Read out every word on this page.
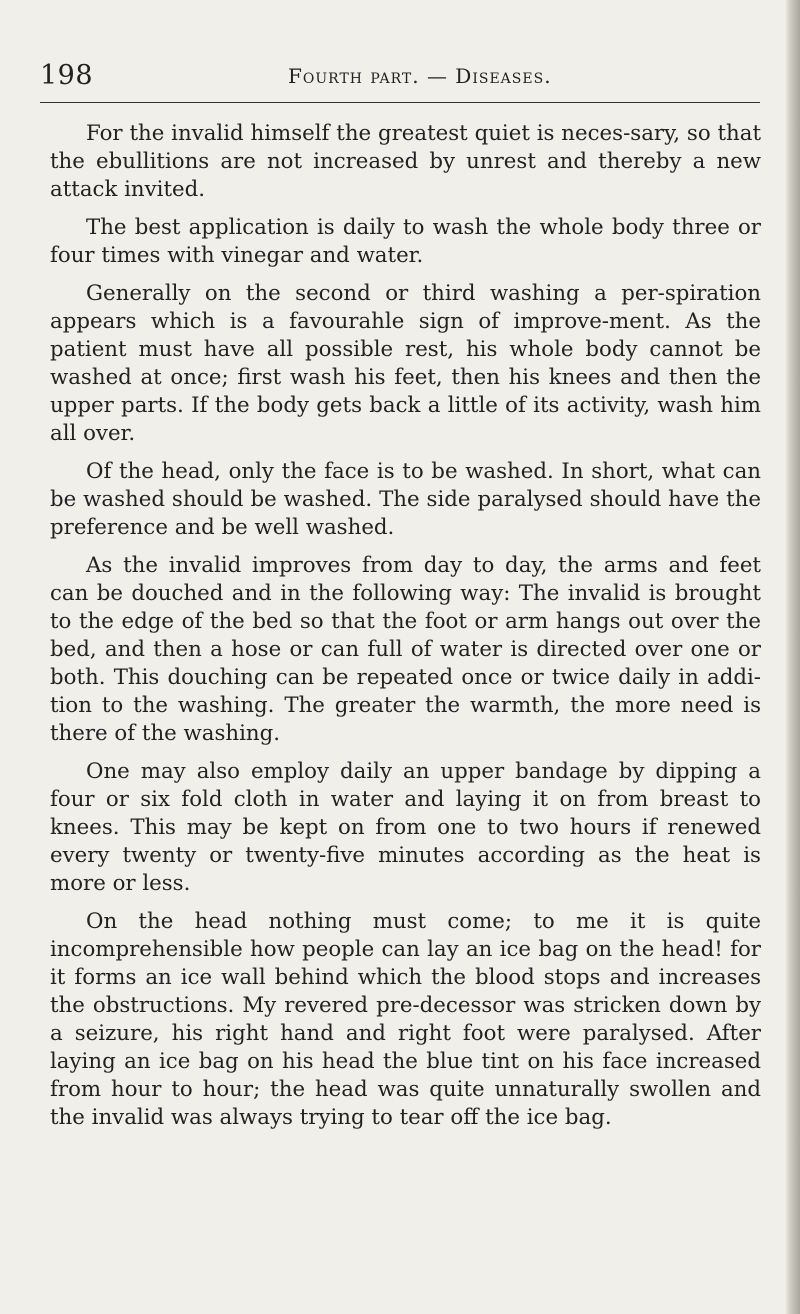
198	Fourth part. — Diseases.

For the invalid himself the greatest quiet is neces-sary, so that the ebullitions are not increased by unrest and thereby a new attack invited.

The best application is daily to wash the whole body three or four times with vinegar and water.

Generally on the second or third washing a per-spiration appears which is a favourahle sign of improve-ment. As the patient must have all possible rest, his whole body cannot be washed at once; first wash his feet, then his knees and then the upper parts. If the body gets back a little of its activity, wash him all over.

Of the head, only the face is to be washed. In short, what can be washed should be washed. The side paralysed should have the preference and be well washed.

As the invalid improves from day to day, the arms and feet can be douched and in the following way: The invalid is brought to the edge of the bed so that the foot or arm hangs out over the bed, and then a hose or can full of water is directed over one or both. This douching can be repeated once or twice daily in addi-tion to the washing. The greater the warmth, the more need is there of the washing.

One may also employ daily an upper bandage by dipping a four or six fold cloth in water and laying it on from breast to knees. This may be kept on from one to two hours if renewed every twenty or twenty-five minutes according as the heat is more or less.

On the head nothing must come; to me it is quite incomprehensible how people can lay an ice bag on the head! for it forms an ice wall behind which the blood stops and increases the obstructions. My revered pre-decessor was stricken down by a seizure, his right hand and right foot were paralysed. After laying an ice bag on his head the blue tint on his face increased from hour to hour; the head was quite unnaturally swollen and the invalid was always trying to tear off the ice bag.
